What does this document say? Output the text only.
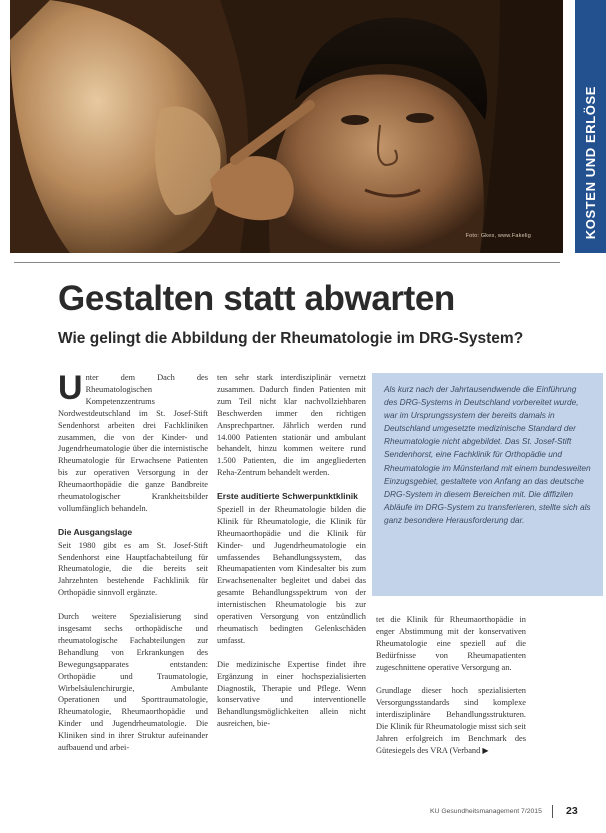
Foto: Gkes, www.Fakelig	KOSTEN UND ERLÖSE
Gestalten statt abwarten
Wie gelingt die Abbildung der Rheumatologie im DRG-System?

Unter dem Dach des Rheumatologischen Kompetenzzentrums Nordwestdeutschland im St. Josef-Stift Sendenhorst arbeiten drei Fachkliniken zusammen, die von der Kinder- und Jugendrheumatologie über die internistische Rheumatologie für Erwachsene Patienten bis zur operativen Versorgung in der Rheumaorthopädie die ganze Bandbreite rheumatologischer Krankheitsbilder vollumfänglich behandeln.

Die Ausgangslage

Seit 1980 gibt es am St. Josef-Stift Sendenhorst eine Hauptfachabteilung für Rheumatologie, die die bereits seit Jahrzehnten bestehende Fachklinik für Orthopädie sinnvoll ergänzte.

Durch weitere Spezialisierung sind insgesamt sechs orthopädische und rheumatologische Fachabteilungen zur Behandlung von Erkrankungen des Bewegungsapparates entstanden: Orthopädie und Traumatologie, Wirbelsäulenchirurgie, Ambulante Operationen und Sporttraumatologie, Rheumatologie, Rheumaorthopädie und Kinder und Jugendrheumatologie. Die Kliniken sind in ihrer Struktur aufeinander aufbauend und arbei-

ten sehr stark interdisziplinär vernetzt zusammen. Dadurch finden Patienten mit zum Teil nicht klar nachvollziehbaren Beschwerden immer den richtigen Ansprechpartner. Jährlich werden rund 14.000 Patienten stationär und ambulant behandelt, hinzu kommen weitere rund 1.500 Patienten, die im angegliederten Reha-Zentrum behandelt werden.

Erste auditierte Schwerpunktklinik

Speziell in der Rheumatologie bilden die Klinik für Rheumatologie, die Klinik für Rheumaorthopädie und die Klinik für Kinder- und Jugendrheumatologie ein umfassendes Behandlungssystem, das Rheumapatienten vom Kindesalter bis zum Erwachsenenalter begleitet und dabei das gesamte Behandlungsspektrum von der internistischen Rheumatologie bis zur operativen Versorgung von entzündlich rheumatisch bedingten Gelenkschäden umfasst.

Die medizinische Expertise findet ihre Ergänzung in einer hochspezialisierten Diagnostik, Therapie und Pflege. Wenn konservative und interventionelle Behandlungsmöglichkeiten allein nicht ausreichen, bie-

Als kurz nach der Jahrtausendwende die Einführung des DRG-Systems in Deutschland vorbereitet wurde, war im Ursprungssystem der bereits damals in Deutschland umgesetzte medizinische Standard der Rheumatologie nicht abgebildet. Das St. Josef-Stift Sendenhorst, eine Fachklinik für Orthopädie und Rheumatologie im Münsterland mit einem bundesweiten Einzugsgebiet, gestaltete von Anfang an das deutsche DRG-System in diesem Bereichen mit. Die diffizilen Abläufe im DRG-System zu transferieren, stellte sich als ganz besondere Herausforderung dar.

tet die Klinik für Rheumaorthopädie in enger Abstimmung mit der konservativen Rheumatologie eine speziell auf die Bedürfnisse von Rheumapatienten zugeschnittene operative Versorgung an.

Grundlage dieser hoch spezialisierten Versorgungsstandards sind komplexe interdisziplinäre Behandlungsstrukturen. Die Klinik für Rheumatologie misst sich seit Jahren erfolgreich im Benchmark des Gütesiegels des VRA (Verband ▶

KU Gesundheitsmanagement 7/2015 23
